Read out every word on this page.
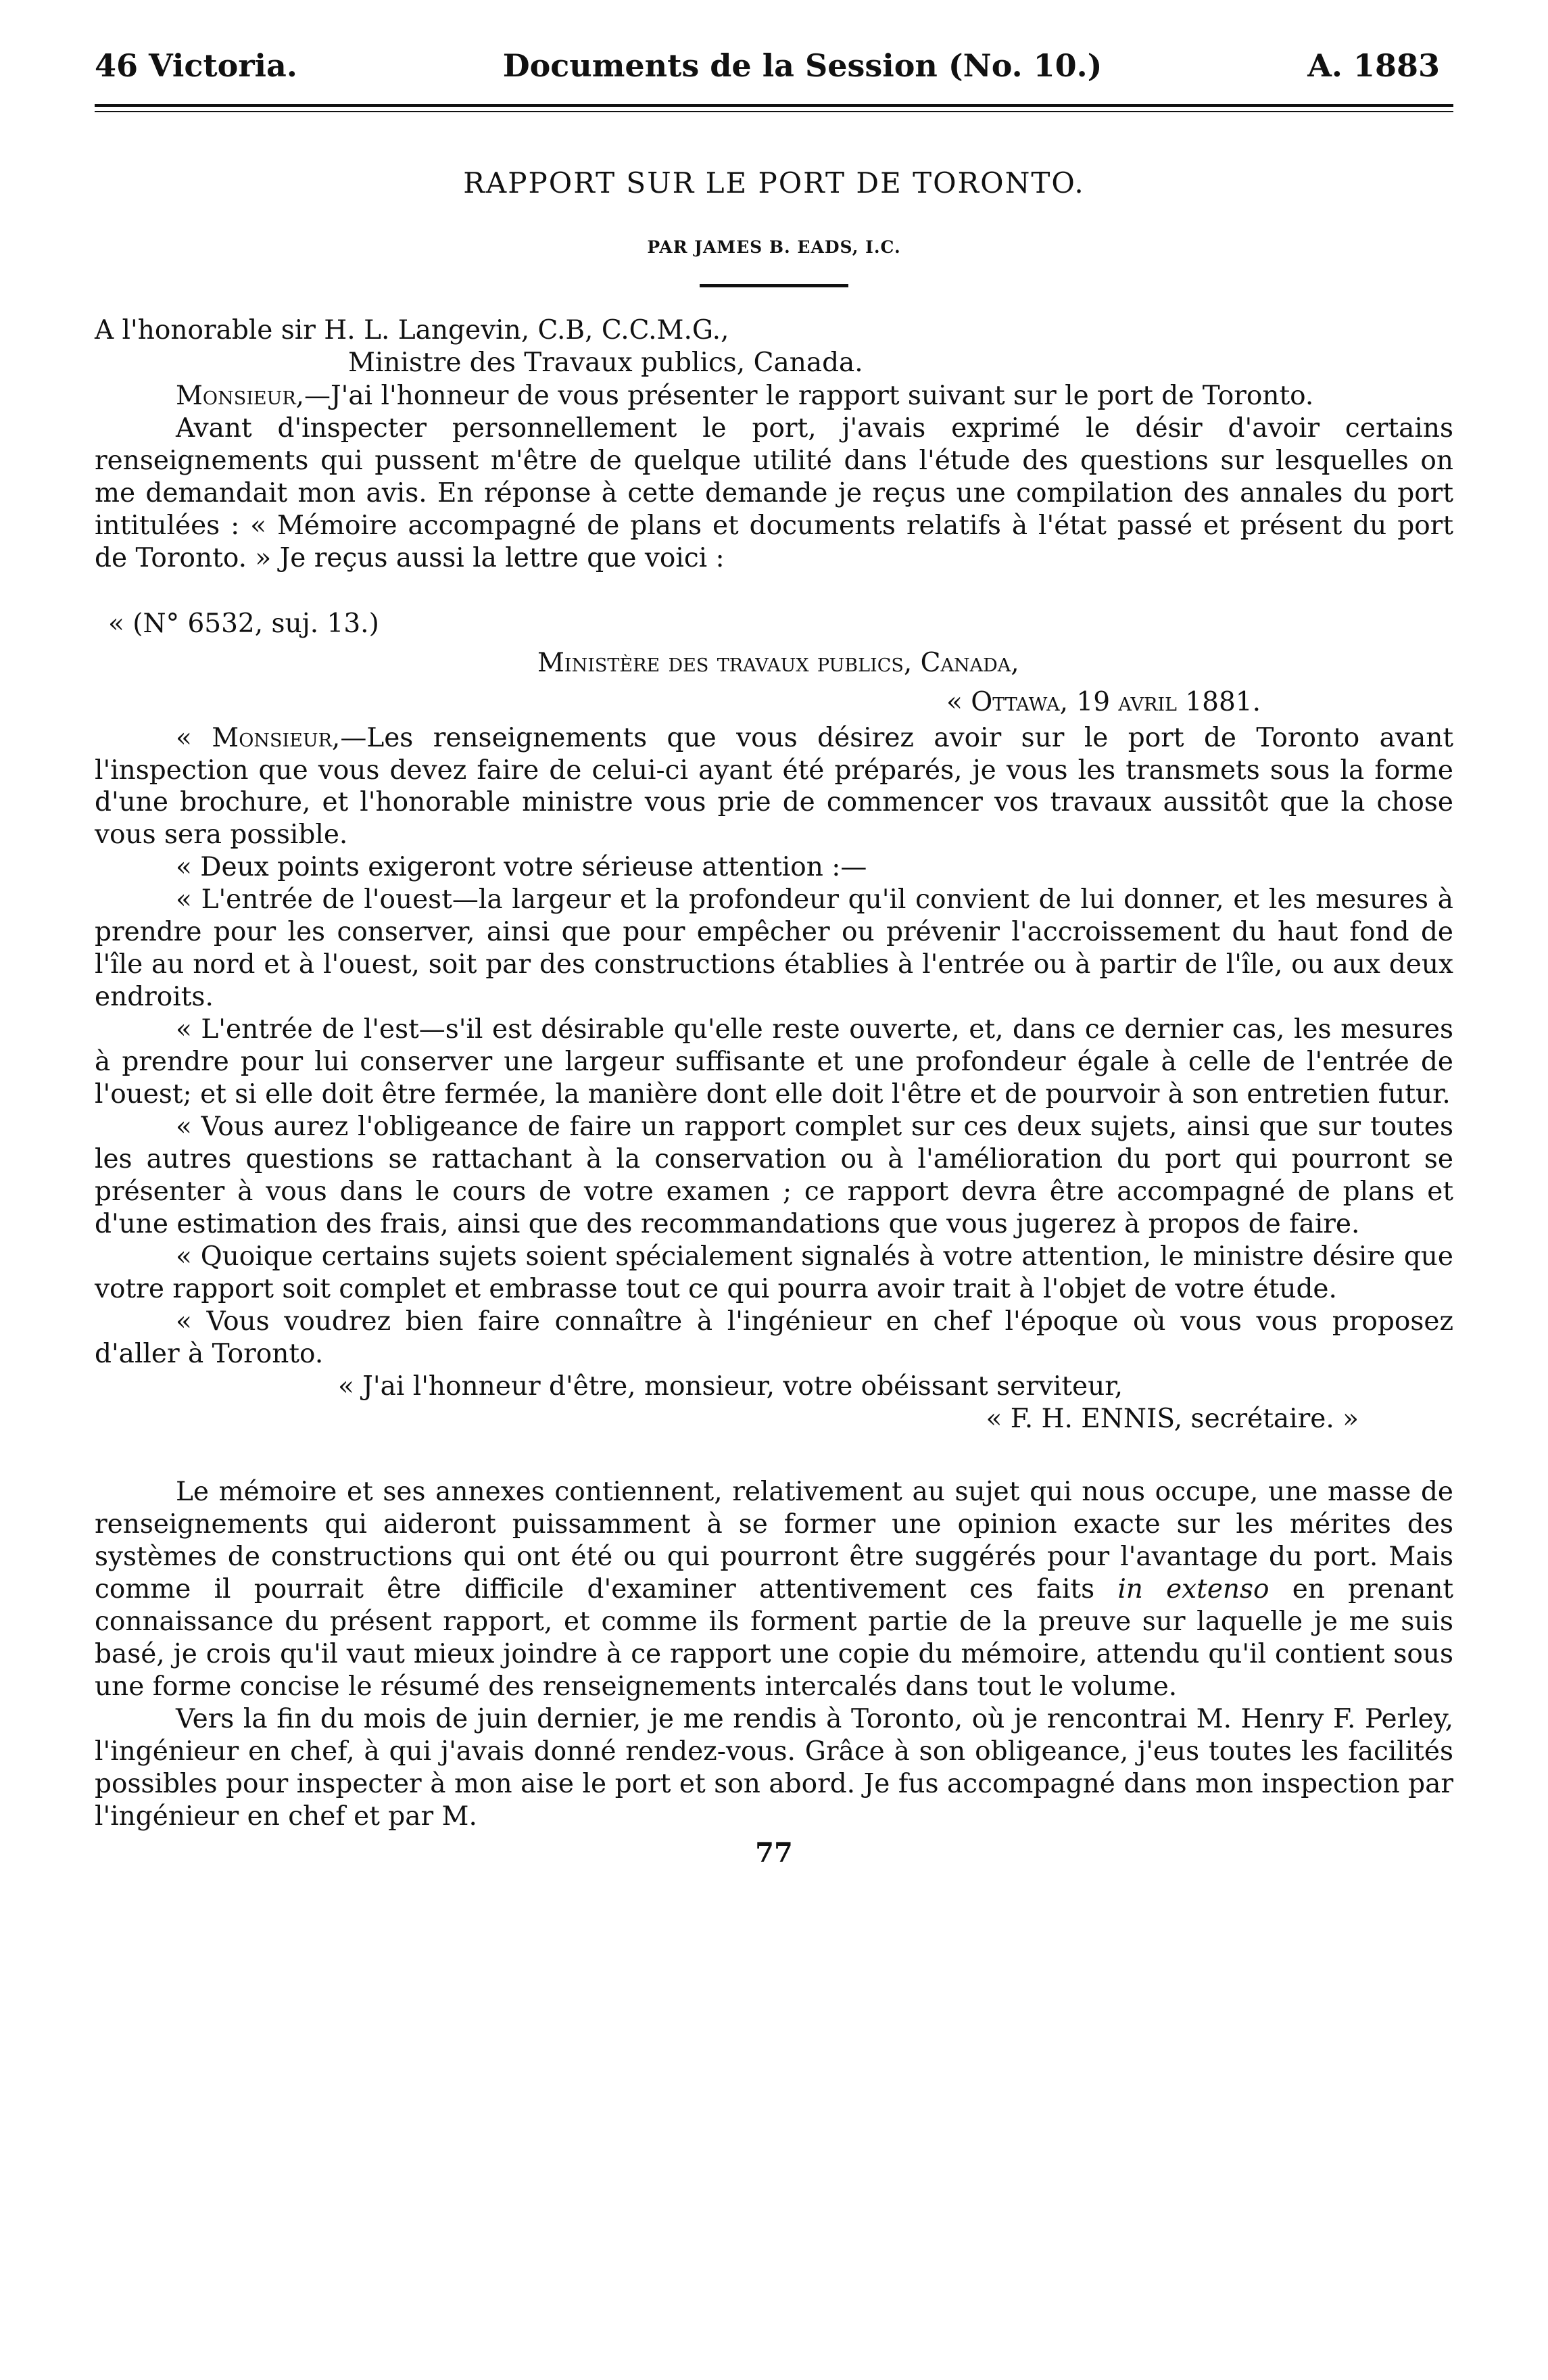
46 Victoria.	Documents de la Session (No. 10.)	A. 1883
RAPPORT SUR LE PORT DE TORONTO.
PAR JAMES B. EADS, I.C.
A l'honorable sir H. L. Langevin, C.B, C.C.M.G.,
Ministre des Travaux publics, Canada.

Monsieur,—J'ai l'honneur de vous présenter le rapport suivant sur le port de Toronto.

Avant d'inspecter personnellement le port, j'avais exprimé le désir d'avoir certains renseignements qui pussent m'être de quelque utilité dans l'étude des questions sur lesquelles on me demandait mon avis. En réponse à cette demande je reçus une compilation des annales du port intitulées : « Mémoire accompagné de plans et documents relatifs à l'état passé et présent du port de Toronto. » Je reçus aussi la lettre que voici :

« (N° 6532, suj. 13.)
Ministère des travaux publics, Canada,
« Ottawa, 19 avril 1881.

« Monsieur,—Les renseignements que vous désirez avoir sur le port de Toronto avant l'inspection que vous devez faire de celui-ci ayant été préparés, je vous les transmets sous la forme d'une brochure, et l'honorable ministre vous prie de commencer vos travaux aussitôt que la chose vous sera possible.

« Deux points exigeront votre sérieuse attention :—

« L'entrée de l'ouest—la largeur et la profondeur qu'il convient de lui donner, et les mesures à prendre pour les conserver, ainsi que pour empêcher ou prévenir l'accroissement du haut fond de l'île au nord et à l'ouest, soit par des constructions établies à l'entrée ou à partir de l'île, ou aux deux endroits.

« L'entrée de l'est—s'il est désirable qu'elle reste ouverte, et, dans ce dernier cas, les mesures à prendre pour lui conserver une largeur suffisante et une profondeur égale à celle de l'entrée de l'ouest; et si elle doit être fermée, la manière dont elle doit l'être et de pourvoir à son entretien futur.

« Vous aurez l'obligeance de faire un rapport complet sur ces deux sujets, ainsi que sur toutes les autres questions se rattachant à la conservation ou à l'amélioration du port qui pourront se présenter à vous dans le cours de votre examen ; ce rapport devra être accompagné de plans et d'une estimation des frais, ainsi que des recommandations que vous jugerez à propos de faire.

« Quoique certains sujets soient spécialement signalés à votre attention, le ministre désire que votre rapport soit complet et embrasse tout ce qui pourra avoir trait à l'objet de votre étude.

« Vous voudrez bien faire connaître à l'ingénieur en chef l'époque où vous vous proposez d'aller à Toronto.

« J'ai l'honneur d'être, monsieur, votre obéissant serviteur,
« F. H. ENNIS, secrétaire. »

Le mémoire et ses annexes contiennent, relativement au sujet qui nous occupe, une masse de renseignements qui aideront puissamment à se former une opinion exacte sur les mérites des systèmes de constructions qui ont été ou qui pourront être suggérés pour l'avantage du port. Mais comme il pourrait être difficile d'examiner attentivement ces faits in extenso en prenant connaissance du présent rapport, et comme ils forment partie de la preuve sur laquelle je me suis basé, je crois qu'il vaut mieux joindre à ce rapport une copie du mémoire, attendu qu'il contient sous une forme concise le résumé des renseignements intercalés dans tout le volume.

Vers la fin du mois de juin dernier, je me rendis à Toronto, où je rencontrai M. Henry F. Perley, l'ingénieur en chef, à qui j'avais donné rendez-vous. Grâce à son obligeance, j'eus toutes les facilités possibles pour inspecter à mon aise le port et son abord. Je fus accompagné dans mon inspection par l'ingénieur en chef et par M.

77
